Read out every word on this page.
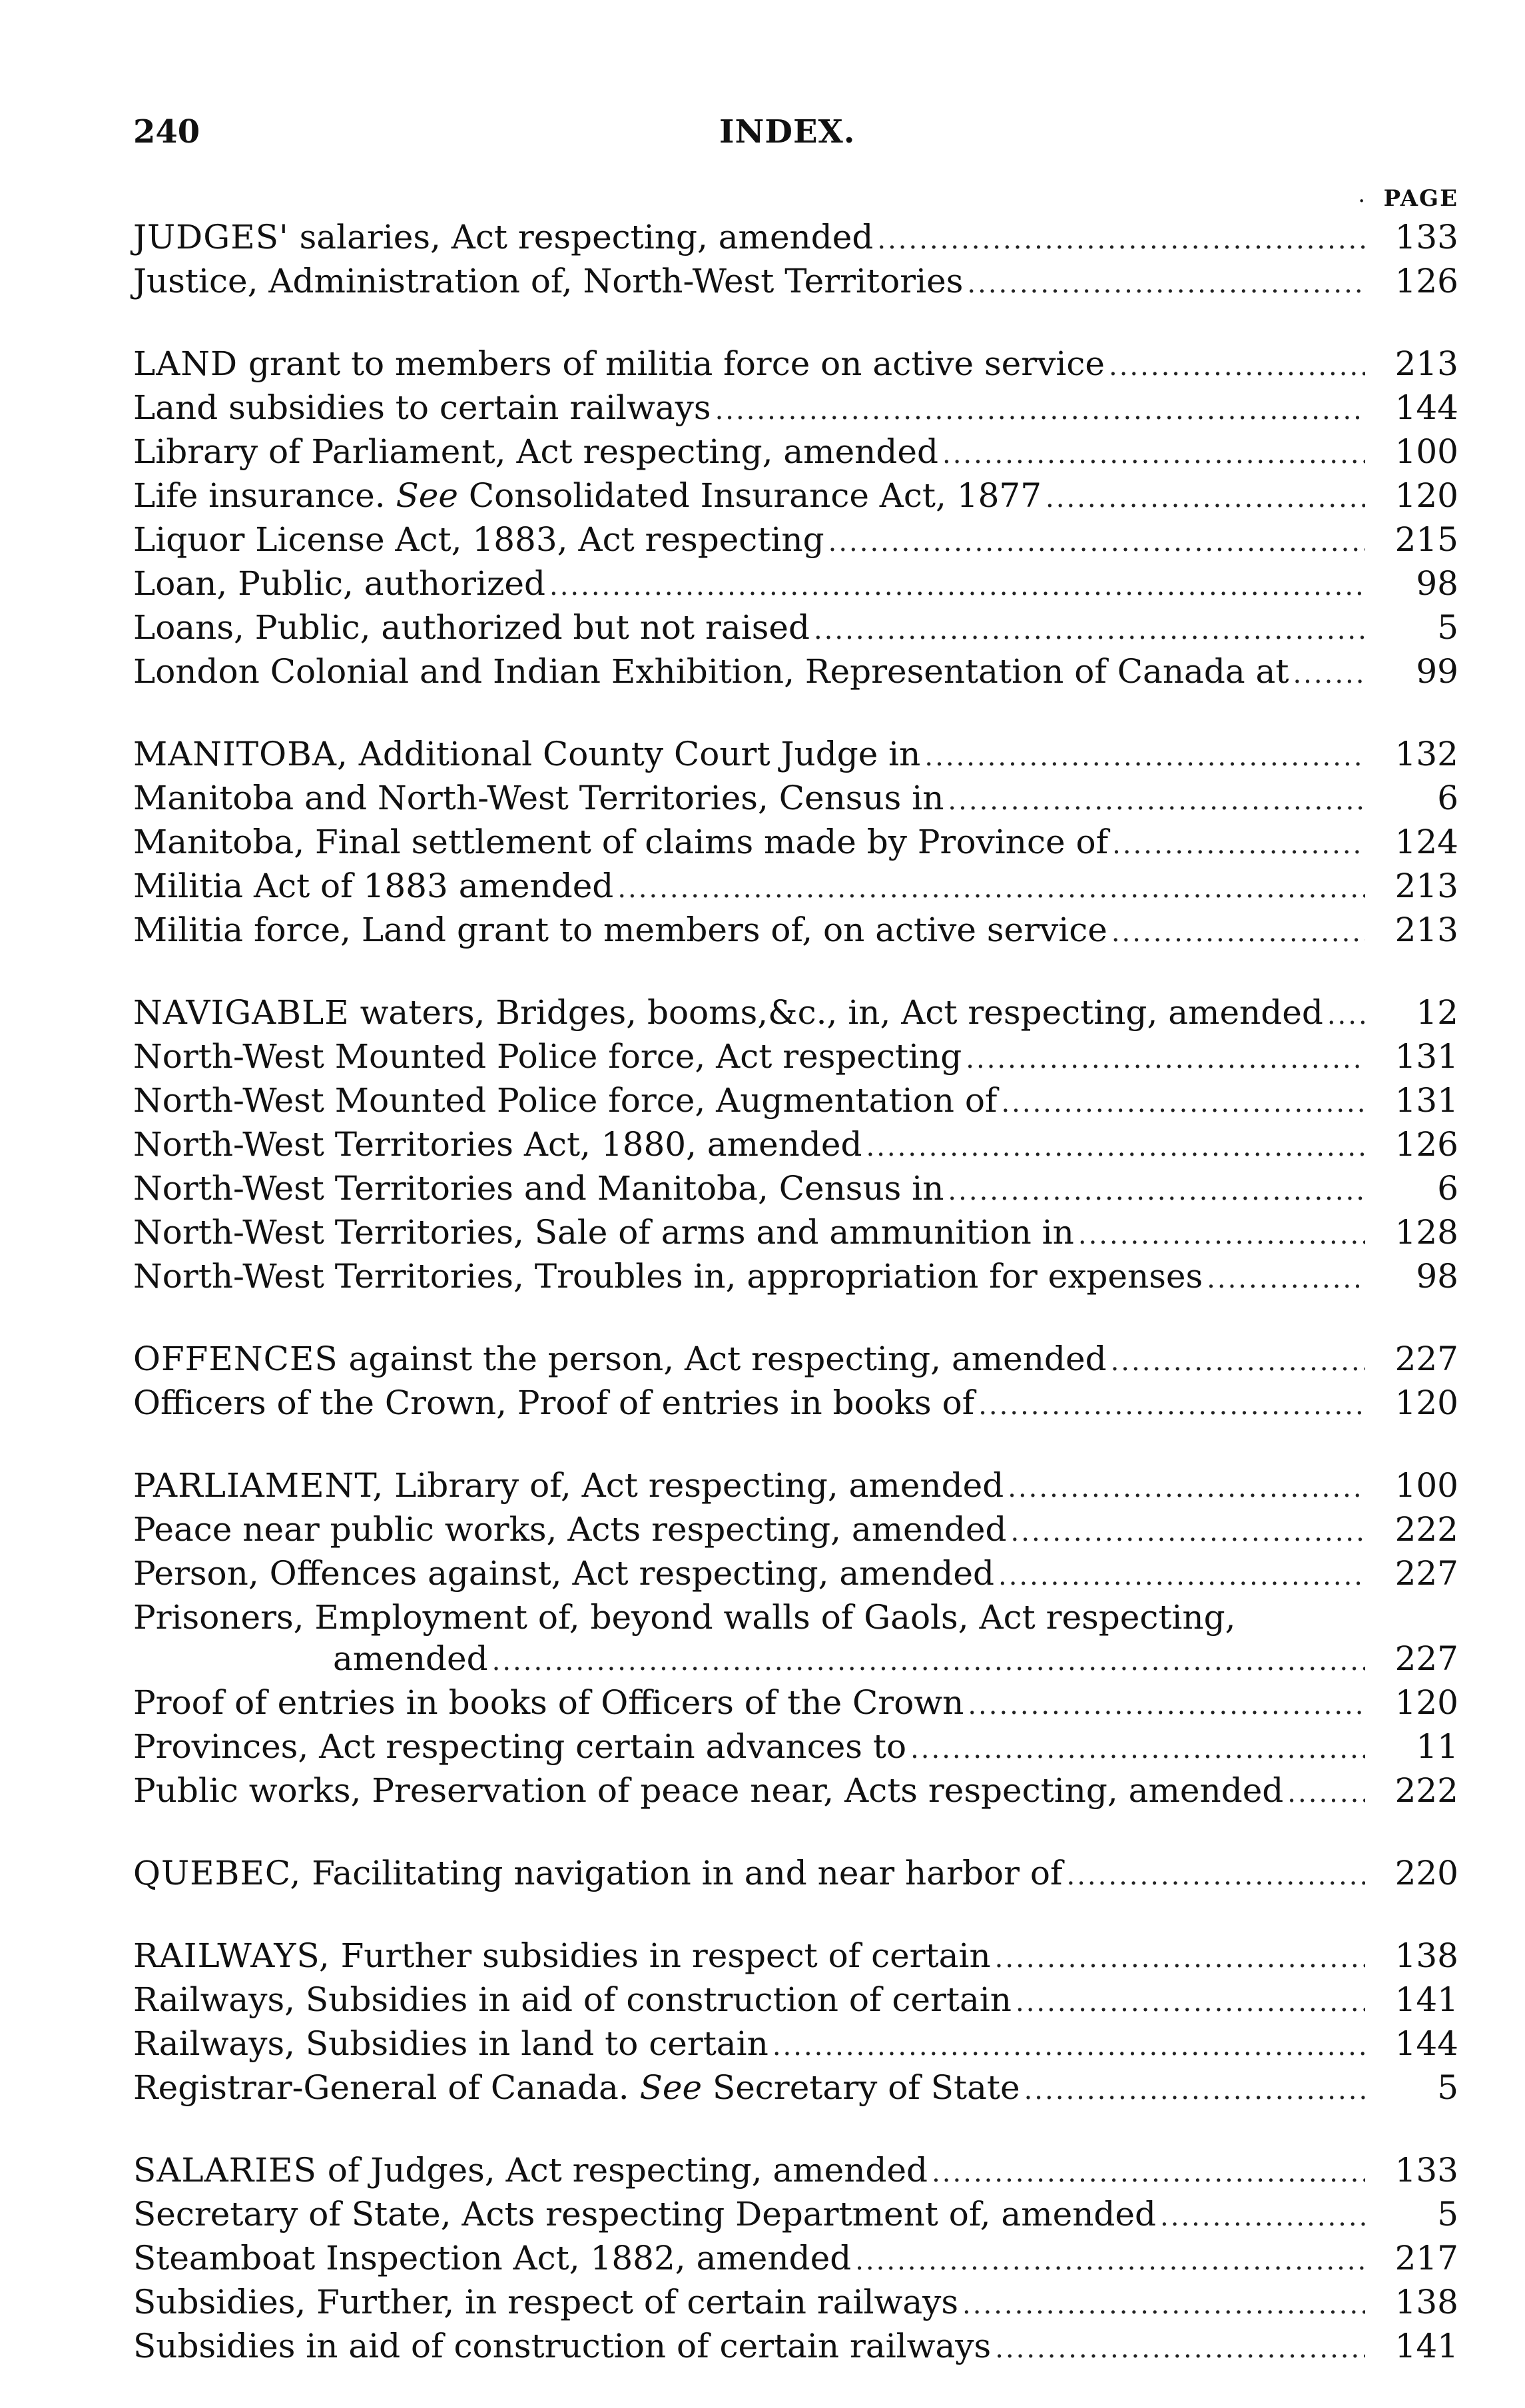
240	INDEX.
. PAGE
JUDGES' salaries, Act respecting, amended .....	133
Justice, Administration of, North-West Territories .....	126
LAND grant to members of militia force on active service .....	213
Land subsidies to certain railways .....	144
Library of Parliament, Act respecting, amended .....	100
Life insurance. See Consolidated Insurance Act, 1877 .....	120
Liquor License Act, 1883, Act respecting .....	215
Loan, Public, authorized .....	98
Loans, Public, authorized but not raised .....	5
London Colonial and Indian Exhibition, Representation of Canada at .....	99
MANITOBA, Additional County Court Judge in .....	132
Manitoba and North-West Territories, Census in .....	6
Manitoba, Final settlement of claims made by Province of .....	124
Militia Act of 1883 amended .....	213
Militia force, Land grant to members of, on active service .....	213
NAVIGABLE waters, Bridges, booms,&c., in, Act respecting, amended .....	12
North-West Mounted Police force, Act respecting .....	131
North-West Mounted Police force, Augmentation of .....	131
North-West Territories Act, 1880, amended .....	126
North-West Territories and Manitoba, Census in .....	6
North-West Territories, Sale of arms and ammunition in .....	128
North-West Territories, Troubles in, appropriation for expenses .....	98
OFFENCES against the person, Act respecting, amended .....	227
Officers of the Crown, Proof of entries in books of .....	120
PARLIAMENT, Library of, Act respecting, amended .....	100
Peace near public works, Acts respecting, amended .....	222
Person, Offences against, Act respecting, amended .....	227
Prisoners, Employment of, beyond walls of Gaols, Act respecting,
amended .....	227
Proof of entries in books of Officers of the Crown .....	120
Provinces, Act respecting certain advances to .....	11
Public works, Preservation of peace near, Acts respecting, amended .....	222
QUEBEC, Facilitating navigation in and near harbor of .....	220
RAILWAYS, Further subsidies in respect of certain .....	138
Railways, Subsidies in aid of construction of certain .....	141
Railways, Subsidies in land to certain .....	144
Registrar-General of Canada. See Secretary of State .....	5
SALARIES of Judges, Act respecting, amended .....	133
Secretary of State, Acts respecting Department of, amended .....	5
Steamboat Inspection Act, 1882, amended .....	217
Subsidies, Further, in respect of certain railways .....	138
Subsidies in aid of construction of certain railways .....	141
